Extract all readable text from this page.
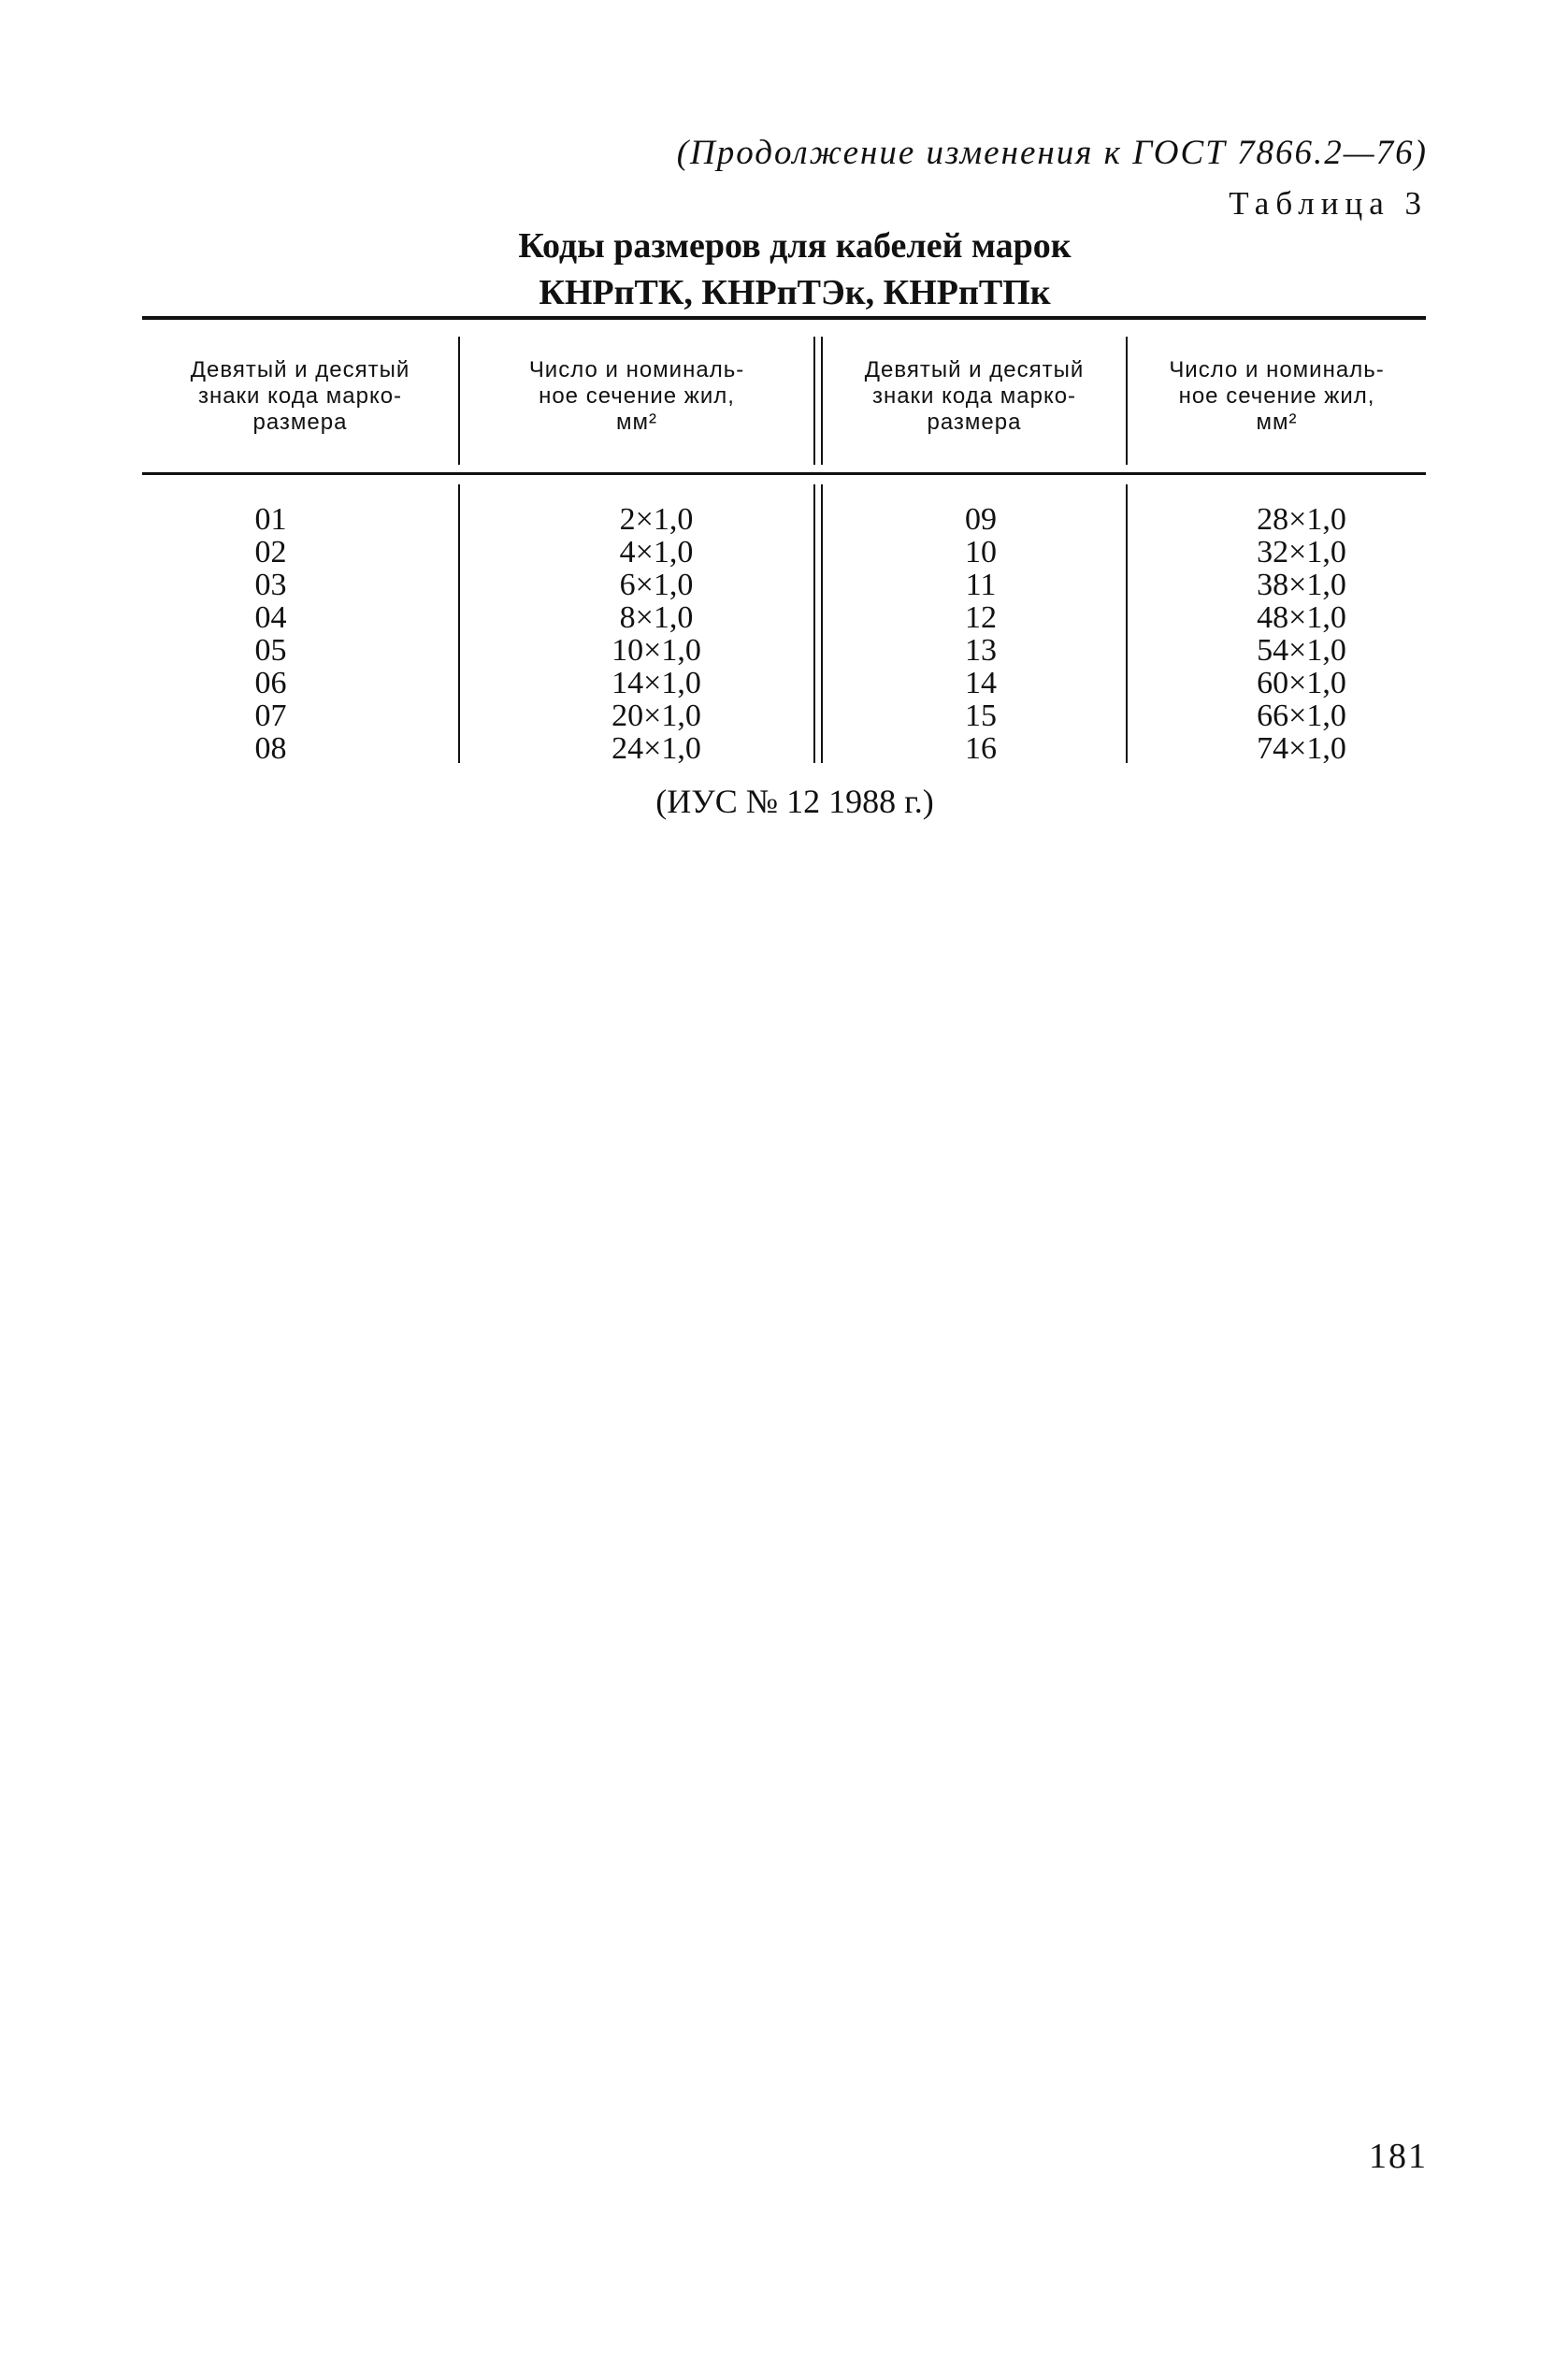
(Продолжение изменения к ГОСТ 7866.2—76)

Таблица 3

Коды размеров для кабелей марок
КНРпТК, КНРпТЭк, КНРпТПк
Девятый и десятый
знаки кода марко-
размера
Число и номиналь-
ное сечение жил,
мм²
Девятый и десятый
знаки кода марко-
размера
Число и номиналь-
ное сечение жил,
мм²
01
02
03
04
05
06
07
08
2×1,0
4×1,0
6×1,0
8×1,0
10×1,0
14×1,0
20×1,0
24×1,0
09
10
11
12
13
14
15
16
28×1,0
32×1,0
38×1,0
48×1,0
54×1,0
60×1,0
66×1,0
74×1,0

(ИУС № 12 1988 г.)

181
